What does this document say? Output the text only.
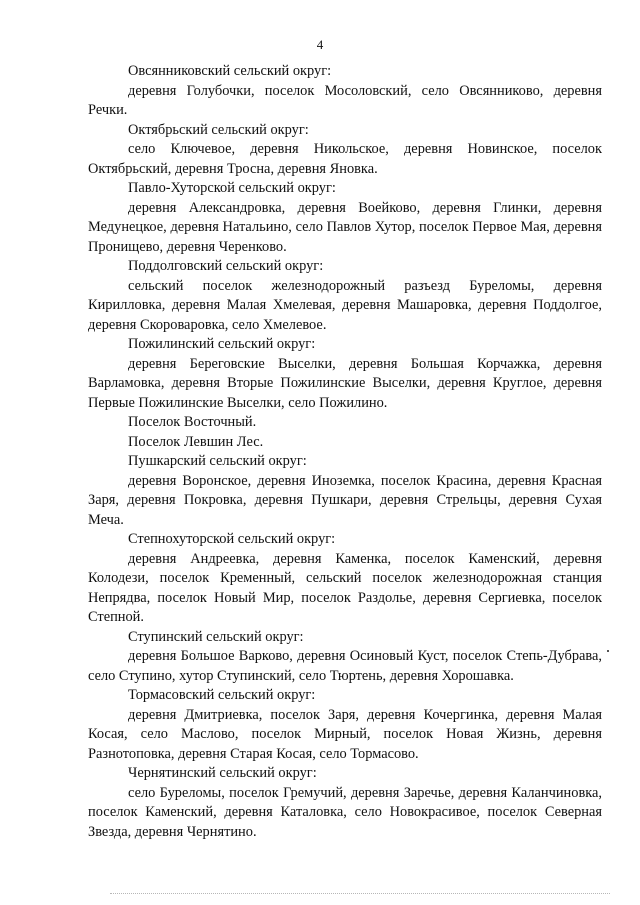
4

Овсянниковский сельский округ:

деревня Голубочки, поселок Мосоловский, село Овсянниково, деревня Речки.

Октябрьский сельский округ:

село Ключевое, деревня Никольское, деревня Новинское, поселок Октябрьский, деревня Тросна, деревня Яновка.

Павло-Хуторской сельский округ:

деревня Александровка, деревня Воейково, деревня Глинки, деревня Медунецкое, деревня Натальино, село Павлов Хутор, поселок Первое Мая, деревня Пронищево, деревня Черенково.

Поддолговский сельский округ:

сельский поселок железнодорожный разъезд Буреломы, деревня Кирилловка, деревня Малая Хмелевая, деревня Машаровка, деревня Поддолгое, деревня Скороваровка, село Хмелевое.

Пожилинский сельский округ:

деревня Береговские Выселки, деревня Большая Корчажка, деревня Варламовка, деревня Вторые Пожилинские Выселки, деревня Круглое, деревня Первые Пожилинские Выселки, село Пожилино.

Поселок Восточный.

Поселок Левшин Лес.

Пушкарский сельский округ:

деревня Воронское, деревня Иноземка, поселок Красина, деревня Красная Заря, деревня Покровка, деревня Пушкари, деревня Стрельцы, деревня Сухая Меча.

Степнохуторской сельский округ:

деревня Андреевка, деревня Каменка, поселок Каменский, деревня Колодези, поселок Кременный, сельский поселок железнодорожная станция Непрядва, поселок Новый Мир, поселок Раздолье, деревня Сергиевка, поселок Степной.

Ступинский сельский округ:

деревня Большое Варково, деревня Осиновый Куст, поселок Степь-Дубрава, село Ступино, хутор Ступинский, село Тюртень, деревня Хорошавка.

Тормасовский сельский округ:

деревня Дмитриевка, поселок Заря, деревня Кочергинка, деревня Малая Косая, село Маслово, поселок Мирный, поселок Новая Жизнь, деревня Разнотоповка, деревня Старая Косая, село Тормасово.

Чернятинский сельский округ:

село Буреломы, поселок Гремучий, деревня Заречье, деревня Каланчиновка, поселок Каменский, деревня Каталовка, село Новокрасивое, поселок Северная Звезда, деревня Чернятино.
